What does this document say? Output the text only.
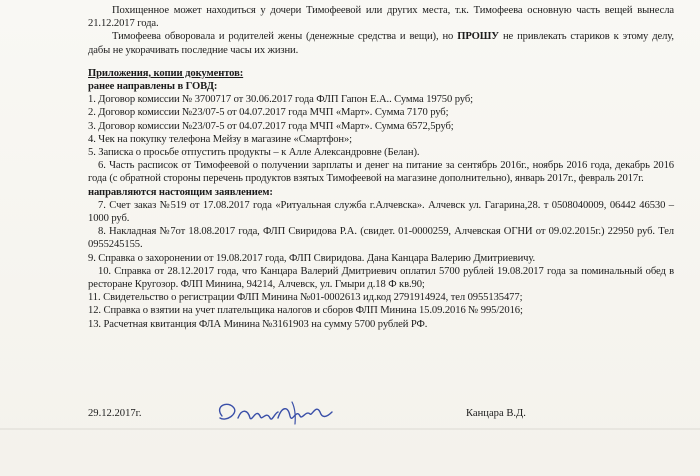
Похищенное может находиться у дочери Тимофеевой или других места, т.к. Тимофеева основную часть вещей вынесла 21.12.2017 года.

Тимофеева обворовала и родителей жены (денежные средства и вещи), но ПРОШУ не привлекать стариков к этому делу, дабы не укорачивать последние часы их жизни.

Приложения, копии документов:

ранее направлены в ГОВД:

1. Договор комиссии № 3700717 от 30.06.2017 года ФЛП Гапон Е.А.. Сумма 19750 руб;

2. Договор комиссии №23/07-5 от 04.07.2017 года МЧП «Март». Сумма 7170 руб;

3. Договор комиссии №23/07-5 от 04.07.2017 года МЧП «Март». Сумма 6572,5руб;

4. Чек на покупку телефона Мейзу в магазине «Смартфон»;

5. Записка о просьбе отпустить продукты – к Алле Александровне (Белан).

6. Часть расписок от Тимофеевой о получении зарплаты и денег на питание за сентябрь 2016г., ноябрь 2016 года, декабрь 2016 года (с обратной стороны перечень продуктов взятых Тимофеевой на магазине дополнительно), январь 2017г., февраль 2017г.

направляются настоящим заявлением:

7. Счет заказ №519 от 17.08.2017 года «Ритуальная служба г.Алчевска». Алчевск ул. Гагарина,28. т 0508040009, 06442 46530 – 1000 руб.

8. Накладная №7от 18.08.2017 года, ФЛП Свиридова Р.А. (свидет. 01-0000259, Алчевская ОГНИ от 09.02.2015г.) 22950 руб. Тел 0955245155.

9. Справка о захоронении от 19.08.2017 года, ФЛП Свиридова. Дана Канцара Валерию Дмитриевичу.

10. Справка от 28.12.2017 года, что Канцара Валерий Дмитриевич оплатил 5700 рублей 19.08.2017 года за поминальный обед в ресторане Кругозор. ФЛП Минина, 94214, Алчевск, ул. Гмыри д.18 Ф кв.90;

11. Свидетельство о регистрации ФЛП Минина №01-0002613 ид.код 2791914924, тел 0955135477;

12. Справка о взятии на учет плательщика налогов и сборов ФЛП Минина 15.09.2016 № 995/2016;

13. Расчетная квитанция ФЛА Минина №3161903 на сумму 5700 рублей РФ.

29.12.2017г.	Канцара В.Д.
